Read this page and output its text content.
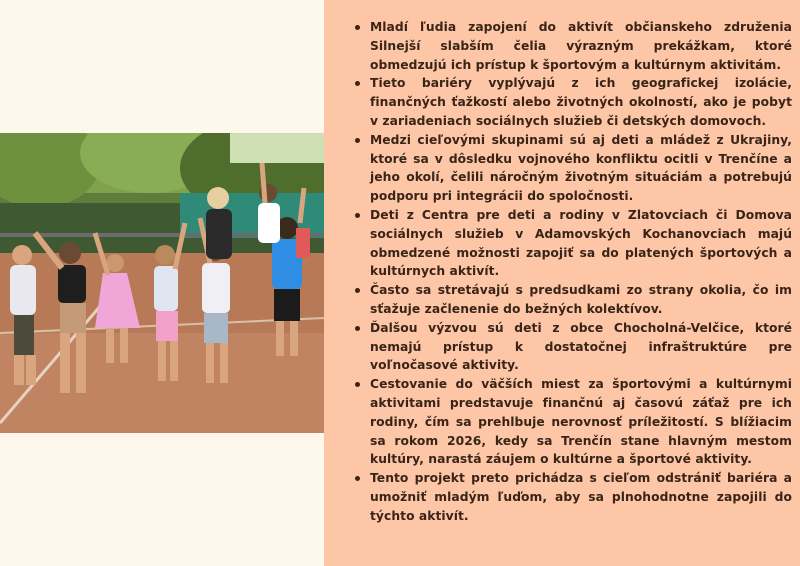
Mladí ľudia zapojení do aktivít občianskeho združenia Silnejší slabším čelia výrazným prekážkam, ktoré obmedzujú ich prístup k športovým a kultúrnym aktivitám.
Tieto bariéry vyplývajú z ich geografickej izolácie, finančných ťažkostí alebo životných okolností, ako je pobyt v zariadeniach sociálnych služieb či detských domovoch.
Medzi cieľovými skupinami sú aj deti a mládež z Ukrajiny, ktoré sa v dôsledku vojnového konfliktu ocitli v Trenčíne a jeho okolí, čelili náročným životným situáciám a potrebujú podporu pri integrácii do spoločnosti.
Deti z Centra pre deti a rodiny v Zlatovciach či Domova sociálnych služieb v Adamovských Kochanovciach majú obmedzené možnosti zapojiť sa do platených športových a kultúrnych aktivít.
Často sa stretávajú s predsudkami zo strany okolia, čo im sťažuje začlenenie do bežných kolektívov.
Ďalšou výzvou sú deti z obce Chocholná-Velčice, ktoré nemajú prístup k dostatočnej infraštruktúre pre voľnočasové aktivity.
Cestovanie do väčších miest za športovými a kultúrnymi aktivitami predstavuje finančnú aj časovú záťaž pre ich rodiny, čím sa prehlbuje nerovnosť príležitostí. S blížiacim sa rokom 2026, kedy sa Trenčín stane hlavným mestom kultúry, narastá záujem o kultúrne a športové aktivity.
Tento projekt preto prichádza s cieľom odstrániť bariéra a umožniť mladým ľuďom, aby sa plnohodnotne zapojili do týchto aktivít.
